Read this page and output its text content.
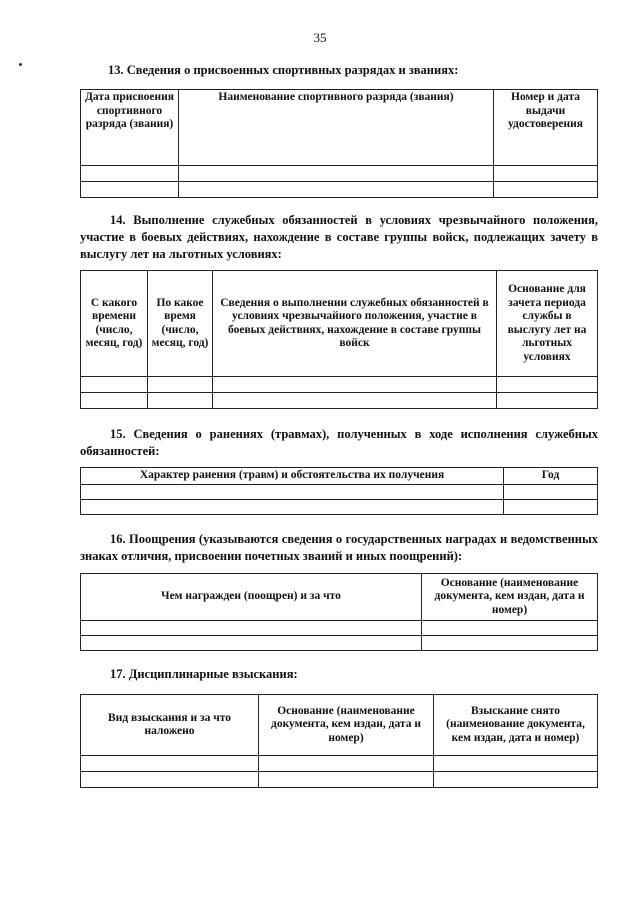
35
13. Сведения о присвоенных спортивных разрядах и званиях:
Дата присвоения спортивного разряда (звания)	Наименование спортивного разряда (звания)	Номер и дата выдачи удостоверения

14. Выполнение служебных обязанностей в условиях чрезвычайного положения, участие в боевых действиях, нахождение в составе группы войск, подлежащих зачету в выслугу лет на льготных условиях:
С какого времени (число, месяц, год)	По какое время (число, месяц, год)	Сведения о выполнении служебных обязанностей в условиях чрезвычайного положения, участие в боевых действиях, нахождение в составе группы войск	Основание для зачета периода службы в выслугу лет на льготных условиях

15. Сведения о ранениях (травмах), полученных в ходе исполнения служебных обязанностей:
Характер ранения (травм) и обстоятельства их получения	Год

16. Поощрения (указываются сведения о государственных наградах и ведомственных знаках отличия, присвоении почетных званий и иных поощрений):
Чем награжден (поощрен) и за что	Основание (наименование документа, кем издан, дата и номер)

17. Дисциплинарные взыскания:
Вид взыскания и за что наложено	Основание (наименование документа, кем издан, дата и номер)	Взыскание снято (наименование документа, кем издан, дата и номер)
